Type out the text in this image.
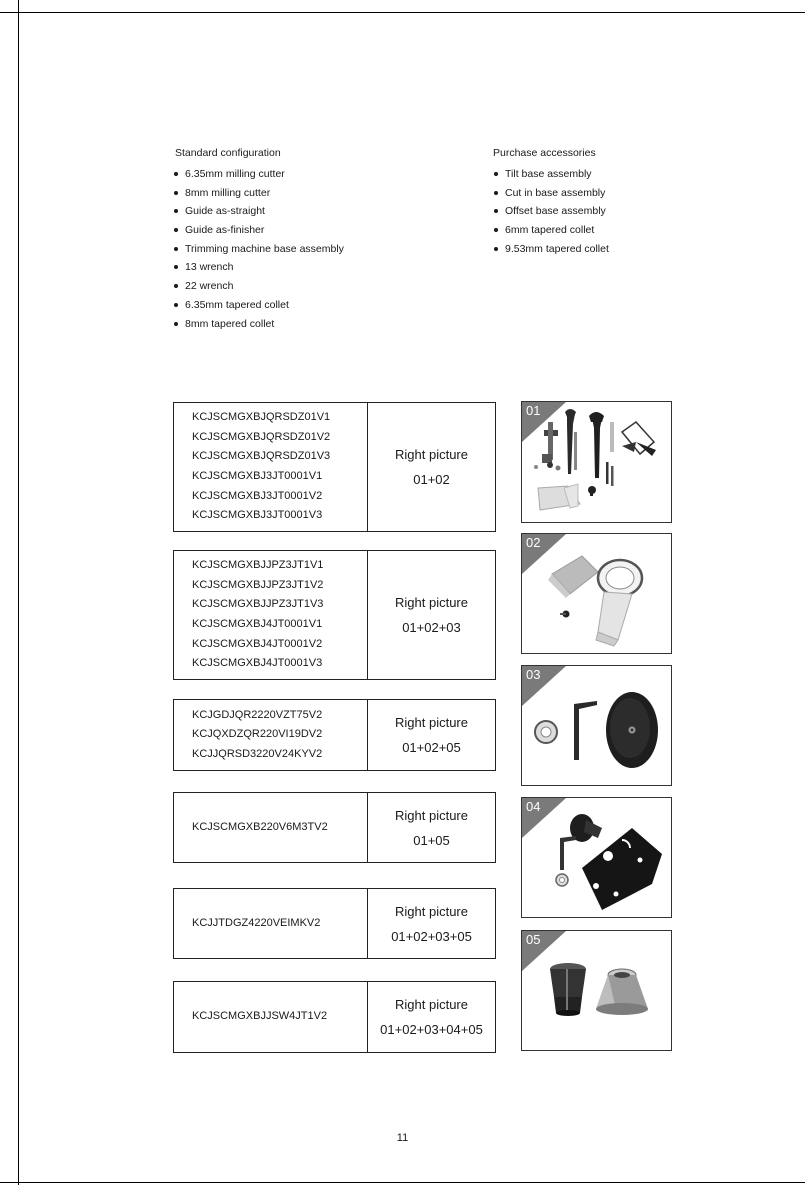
Standard configuration
6.35mm milling cutter
8mm milling cutter
Guide as-straight
Guide as-finisher
Trimming machine base assembly
13 wrench
22 wrench
6.35mm tapered collet
8mm tapered collet
Purchase accessories
Tilt base assembly
Cut in base assembly
Offset base assembly
6mm tapered collet
9.53mm tapered collet
KCJSCMGXBJQRSDZ01V1
KCJSCMGXBJQRSDZ01V2
KCJSCMGXBJQRSDZ01V3
KCJSCMGXBJ3JT0001V1
KCJSCMGXBJ3JT0001V2
KCJSCMGXBJ3JT0001V3
Right picture
01+02
KCJSCMGXBJJPZ3JT1V1
KCJSCMGXBJJPZ3JT1V2
KCJSCMGXBJJPZ3JT1V3
KCJSCMGXBJ4JT0001V1
KCJSCMGXBJ4JT0001V2
KCJSCMGXBJ4JT0001V3
Right picture
01+02+03
KCJGDJQR2220VZT75V2
KCJQXDZQR220VI19DV2
KCJJQRSD3220V24KYV2
Right picture
01+02+05
KCJSCMGXB220V6M3TV2
Right picture
01+05
KCJJTDGZ4220VEIMKV2
Right picture
01+02+03+05
KCJSCMGXBJJSW4JT1V2
Right picture
01+02+03+04+05
01
02
03
04
05
11
